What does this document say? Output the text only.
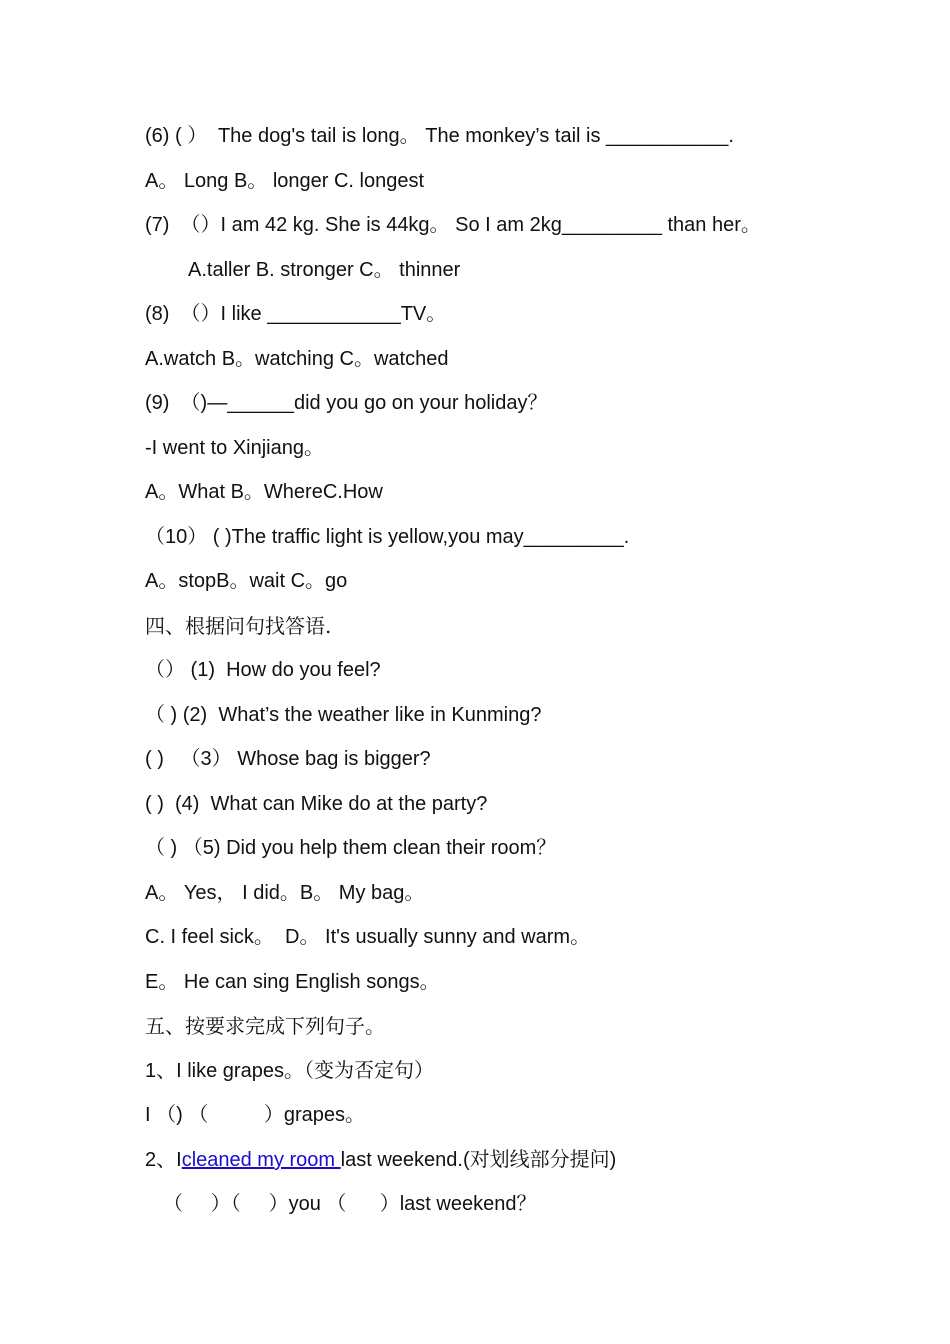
(6) ( ）  The dog's tail is long。 The monkey’s tail is ___________.
A。 Long B。 longer C. longest
(7)  （）I am 42 kg. She is 44kg。 So I am 2kg_________ than her。
A.taller B. stronger C。 thinner
(8)  （）I like ____________TV。
A.watch B。watching C。watched
(9)  （)—______did you go on your holiday？
-I went to Xinjiang。
A。What B。WhereC.How
（10） ( )The traffic light is yellow,you may_________.
A。stopB。wait C。go
四、根据问句找答语.
（） (1)  How do you feel?
（ ) (2)  What’s the weather like in Kunming?
( )   （3） Whose bag is bigger?
( )  (4)  What can Mike do at the party?
（ ) （5) Did you help them clean their room？
A。 Yes， I did。B。 My bag。
C. I feel sick。  D。 It's usually sunny and warm。
E。 He can sing English songs。
五、按要求完成下列句子。
1、I like grapes。（变为否定句）
I （) （          ）grapes。
2、Icleaned my room last weekend.(对划线部分提问)
（     ）（     ）you （      ）last weekend？
